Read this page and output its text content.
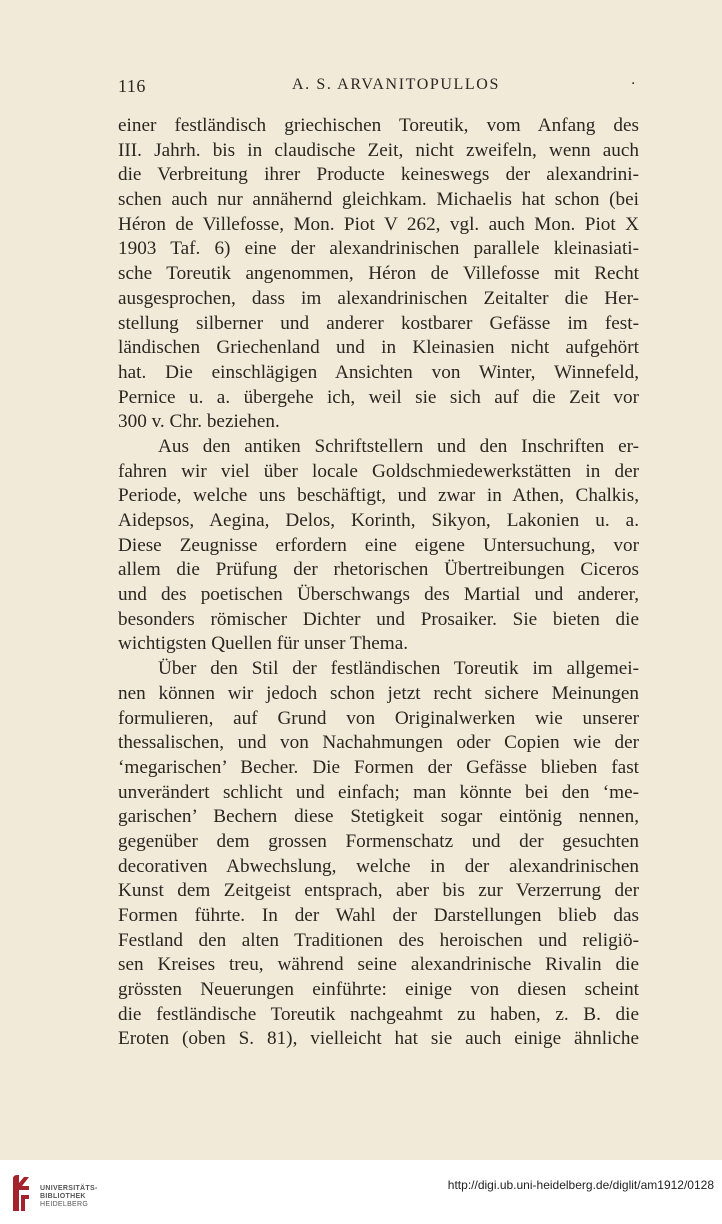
116	A. S. ARVANITOPULLOS	·
einer festländisch griechischen Toreutik, vom Anfang des
III. Jahrh. bis in claudische Zeit, nicht zweifeln, wenn auch
die Verbreitung ihrer Producte keineswegs der alexandrini-
schen auch nur annähernd gleichkam. Michaelis hat schon (bei
Héron de Villefosse, Mon. Piot V 262, vgl. auch Mon. Piot X
1903 Taf. 6) eine der alexandrinischen parallele kleinasiati-
sche Toreutik angenommen, Héron de Villefosse mit Recht
ausgesprochen, dass im alexandrinischen Zeitalter die Her-
stellung silberner und anderer kostbarer Gefässe im fest-
ländischen Griechenland und in Kleinasien nicht aufgehört
hat. Die einschlägigen Ansichten von Winter, Winnefeld,
Pernice u. a. übergehe ich, weil sie sich auf die Zeit vor
300 v. Chr. beziehen.
Aus den antiken Schriftstellern und den Inschriften er-
fahren wir viel über locale Goldschmiedewerkstätten in der
Periode, welche uns beschäftigt, und zwar in Athen, Chalkis,
Aidepsos, Aegina, Delos, Korinth, Sikyon, Lakonien u. a.
Diese Zeugnisse erfordern eine eigene Untersuchung, vor
allem die Prüfung der rhetorischen Übertreibungen Ciceros
und des poetischen Überschwangs des Martial und anderer,
besonders römischer Dichter und Prosaiker. Sie bieten die
wichtigsten Quellen für unser Thema.
Über den Stil der festländischen Toreutik im allgemei-
nen können wir jedoch schon jetzt recht sichere Meinungen
formulieren, auf Grund von Originalwerken wie unserer
thessalischen, und von Nachahmungen oder Copien wie der
‘megarischen’ Becher. Die Formen der Gefässe blieben fast
unverändert schlicht und einfach; man könnte bei den ‘me-
garischen’ Bechern diese Stetigkeit sogar eintönig nennen,
gegenüber dem grossen Formenschatz und der gesuchten
decorativen Abwechslung, welche in der alexandrinischen
Kunst dem Zeitgeist entsprach, aber bis zur Verzerrung der
Formen führte. In der Wahl der Darstellungen blieb das
Festland den alten Traditionen des heroischen und religiö-
sen Kreises treu, während seine alexandrinische Rivalin die
grössten Neuerungen einführte: einige von diesen scheint
die festländische Toreutik nachgeahmt zu haben, z. B. die
Eroten (oben S. 81), vielleicht hat sie auch einige ähnliche
UNIVERSITÄTS-
BIBLIOTHEK
HEIDELBERG
http://digi.ub.uni-heidelberg.de/diglit/am1912/0128
